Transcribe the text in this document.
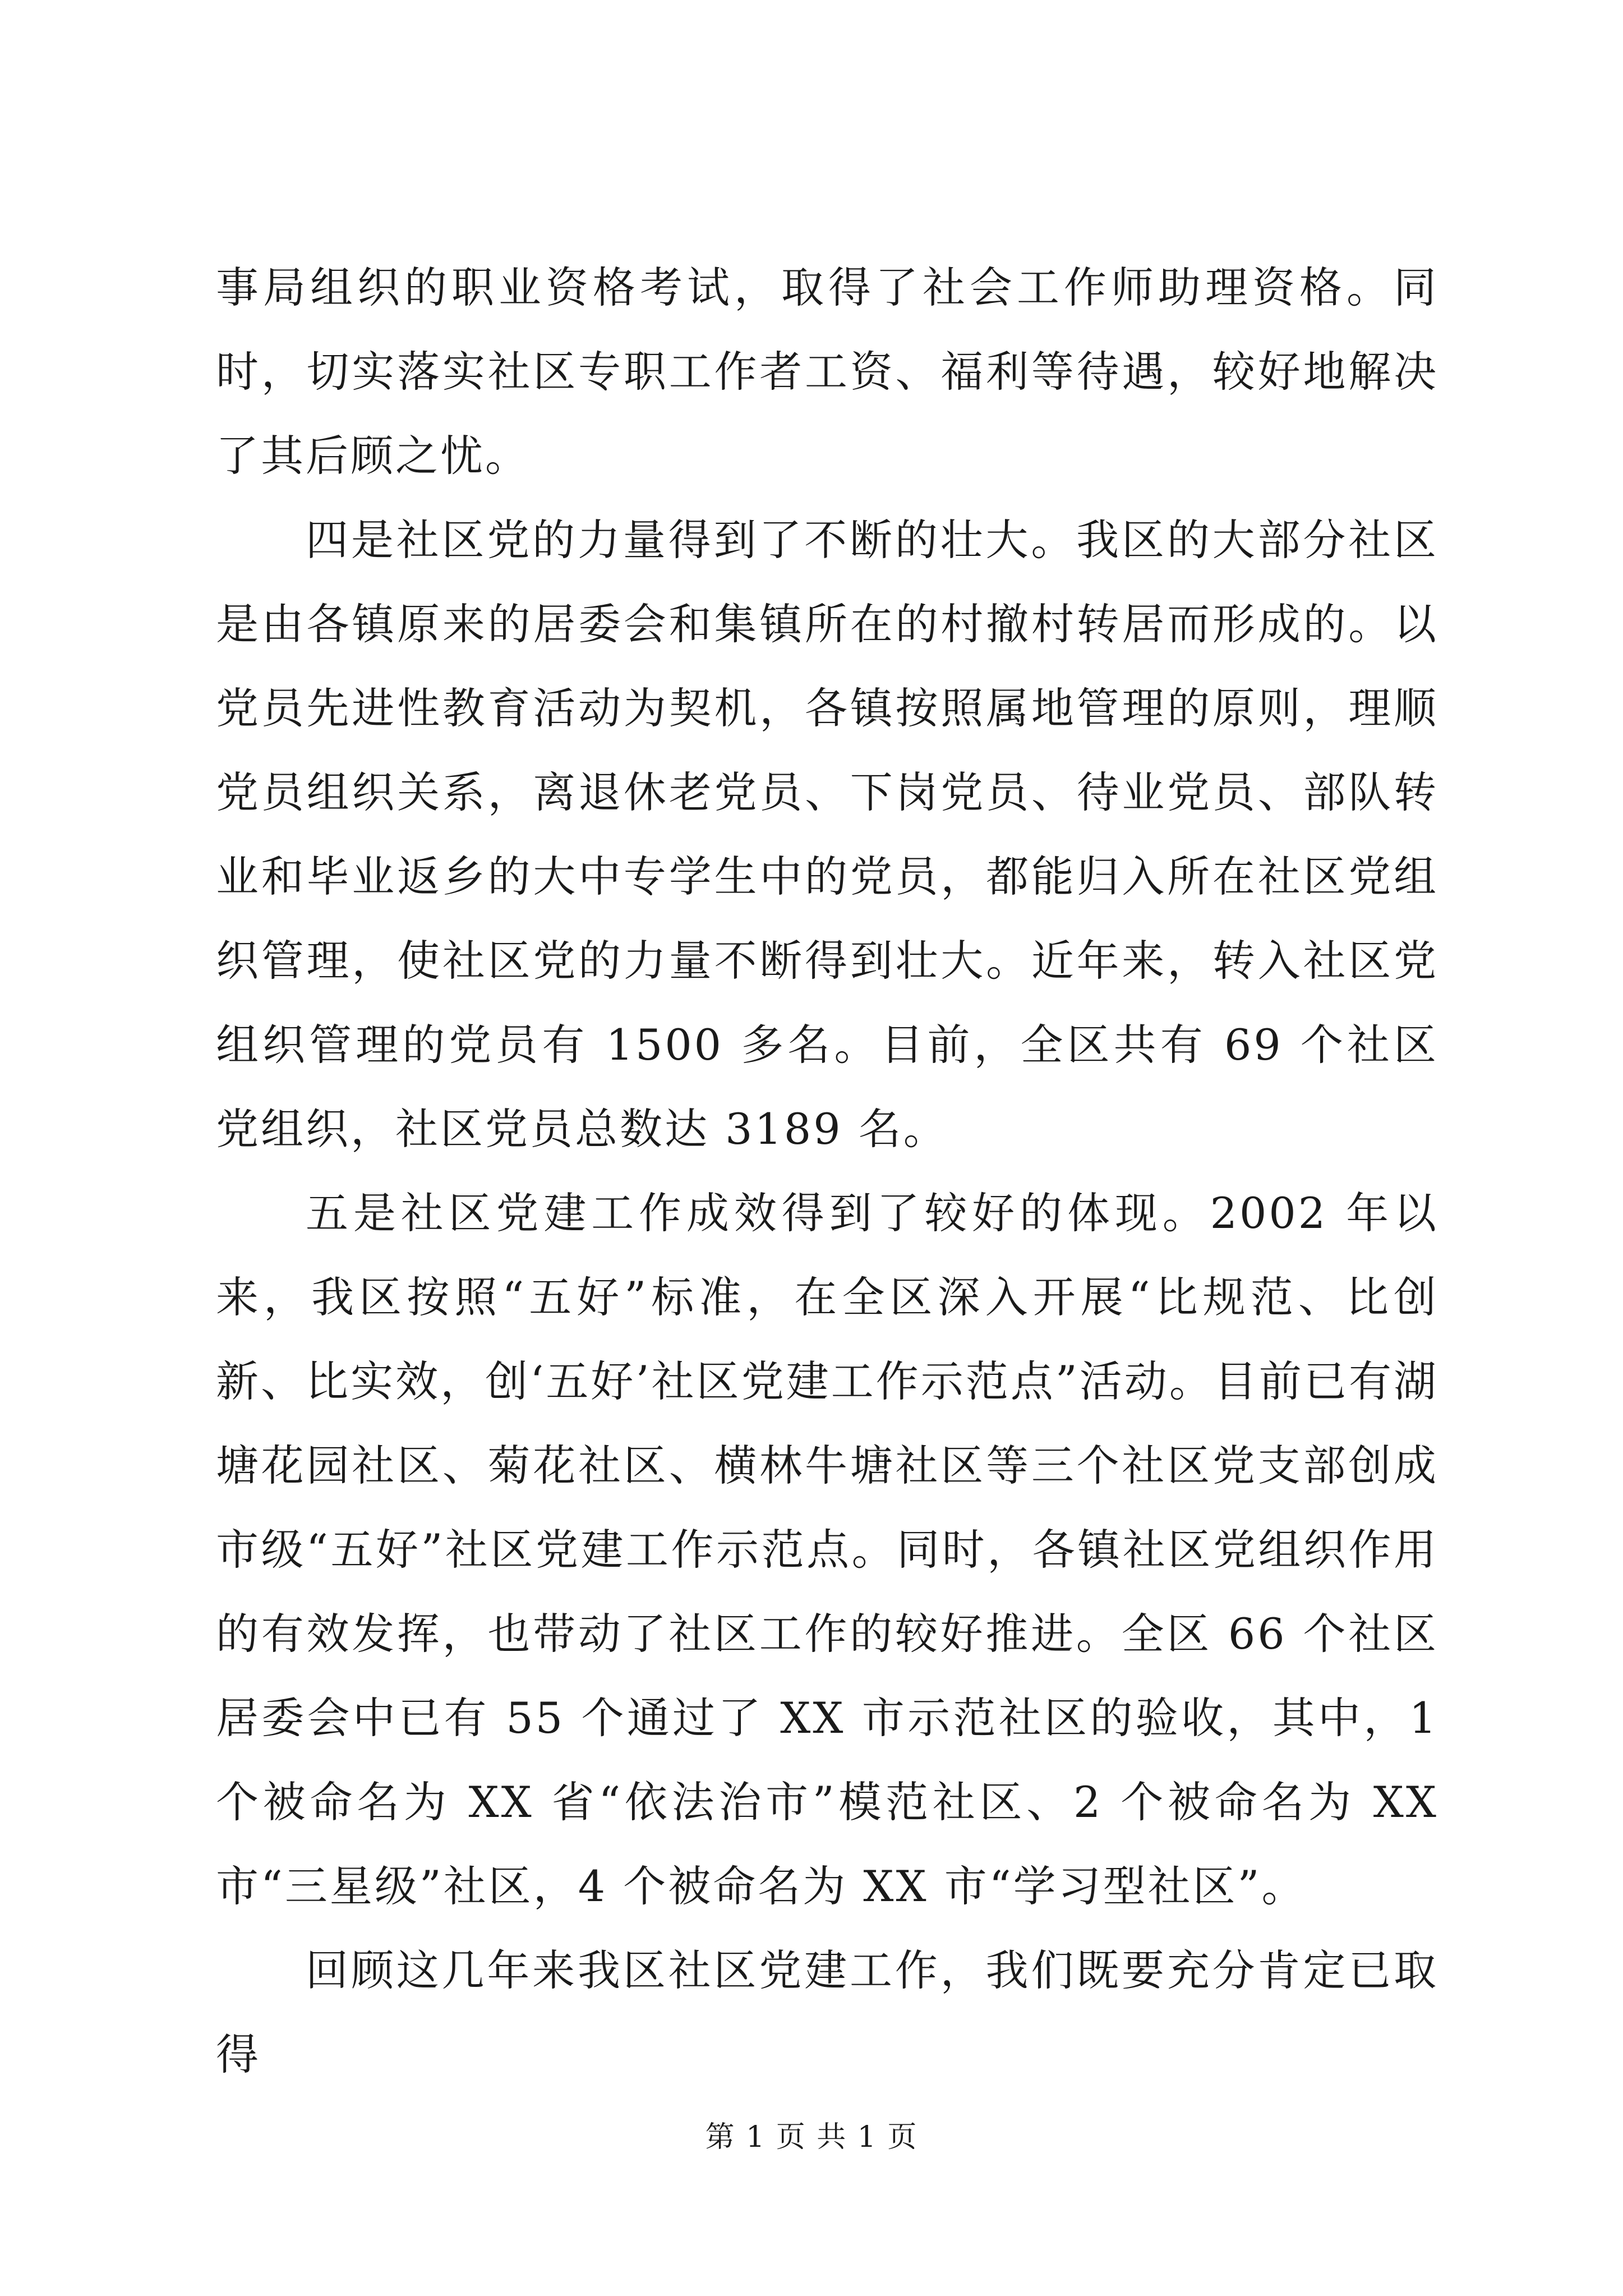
事局组织的职业资格考试，取得了社会工作师助理资格。同时，切实落实社区专职工作者工资、福利等待遇，较好地解决了其后顾之忧。

四是社区党的力量得到了不断的壮大。我区的大部分社区是由各镇原来的居委会和集镇所在的村撤村转居而形成的。以党员先进性教育活动为契机，各镇按照属地管理的原则，理顺党员组织关系，离退休老党员、下岗党员、待业党员、部队转业和毕业返乡的大中专学生中的党员，都能归入所在社区党组织管理，使社区党的力量不断得到壮大。近年来，转入社区党组织管理的党员有 1500 多名。目前，全区共有 69 个社区党组织，社区党员总数达 3189 名。

五是社区党建工作成效得到了较好的体现。2002 年以来，我区按照“五好”标准，在全区深入开展“比规范、比创新、比实效，创‘五好’社区党建工作示范点”活动。目前已有湖塘花园社区、菊花社区、横林牛塘社区等三个社区党支部创成市级“五好”社区党建工作示范点。同时，各镇社区党组织作用的有效发挥，也带动了社区工作的较好推进。全区 66 个社区居委会中已有 55 个通过了 XX 市示范社区的验收，其中，1 个被命名为 XX 省“依法治市”模范社区、2 个被命名为 XX 市“三星级”社区，4 个被命名为 XX 市“学习型社区”。

回顾这几年来我区社区党建工作，我们既要充分肯定已取得

第 1 页 共 1 页
